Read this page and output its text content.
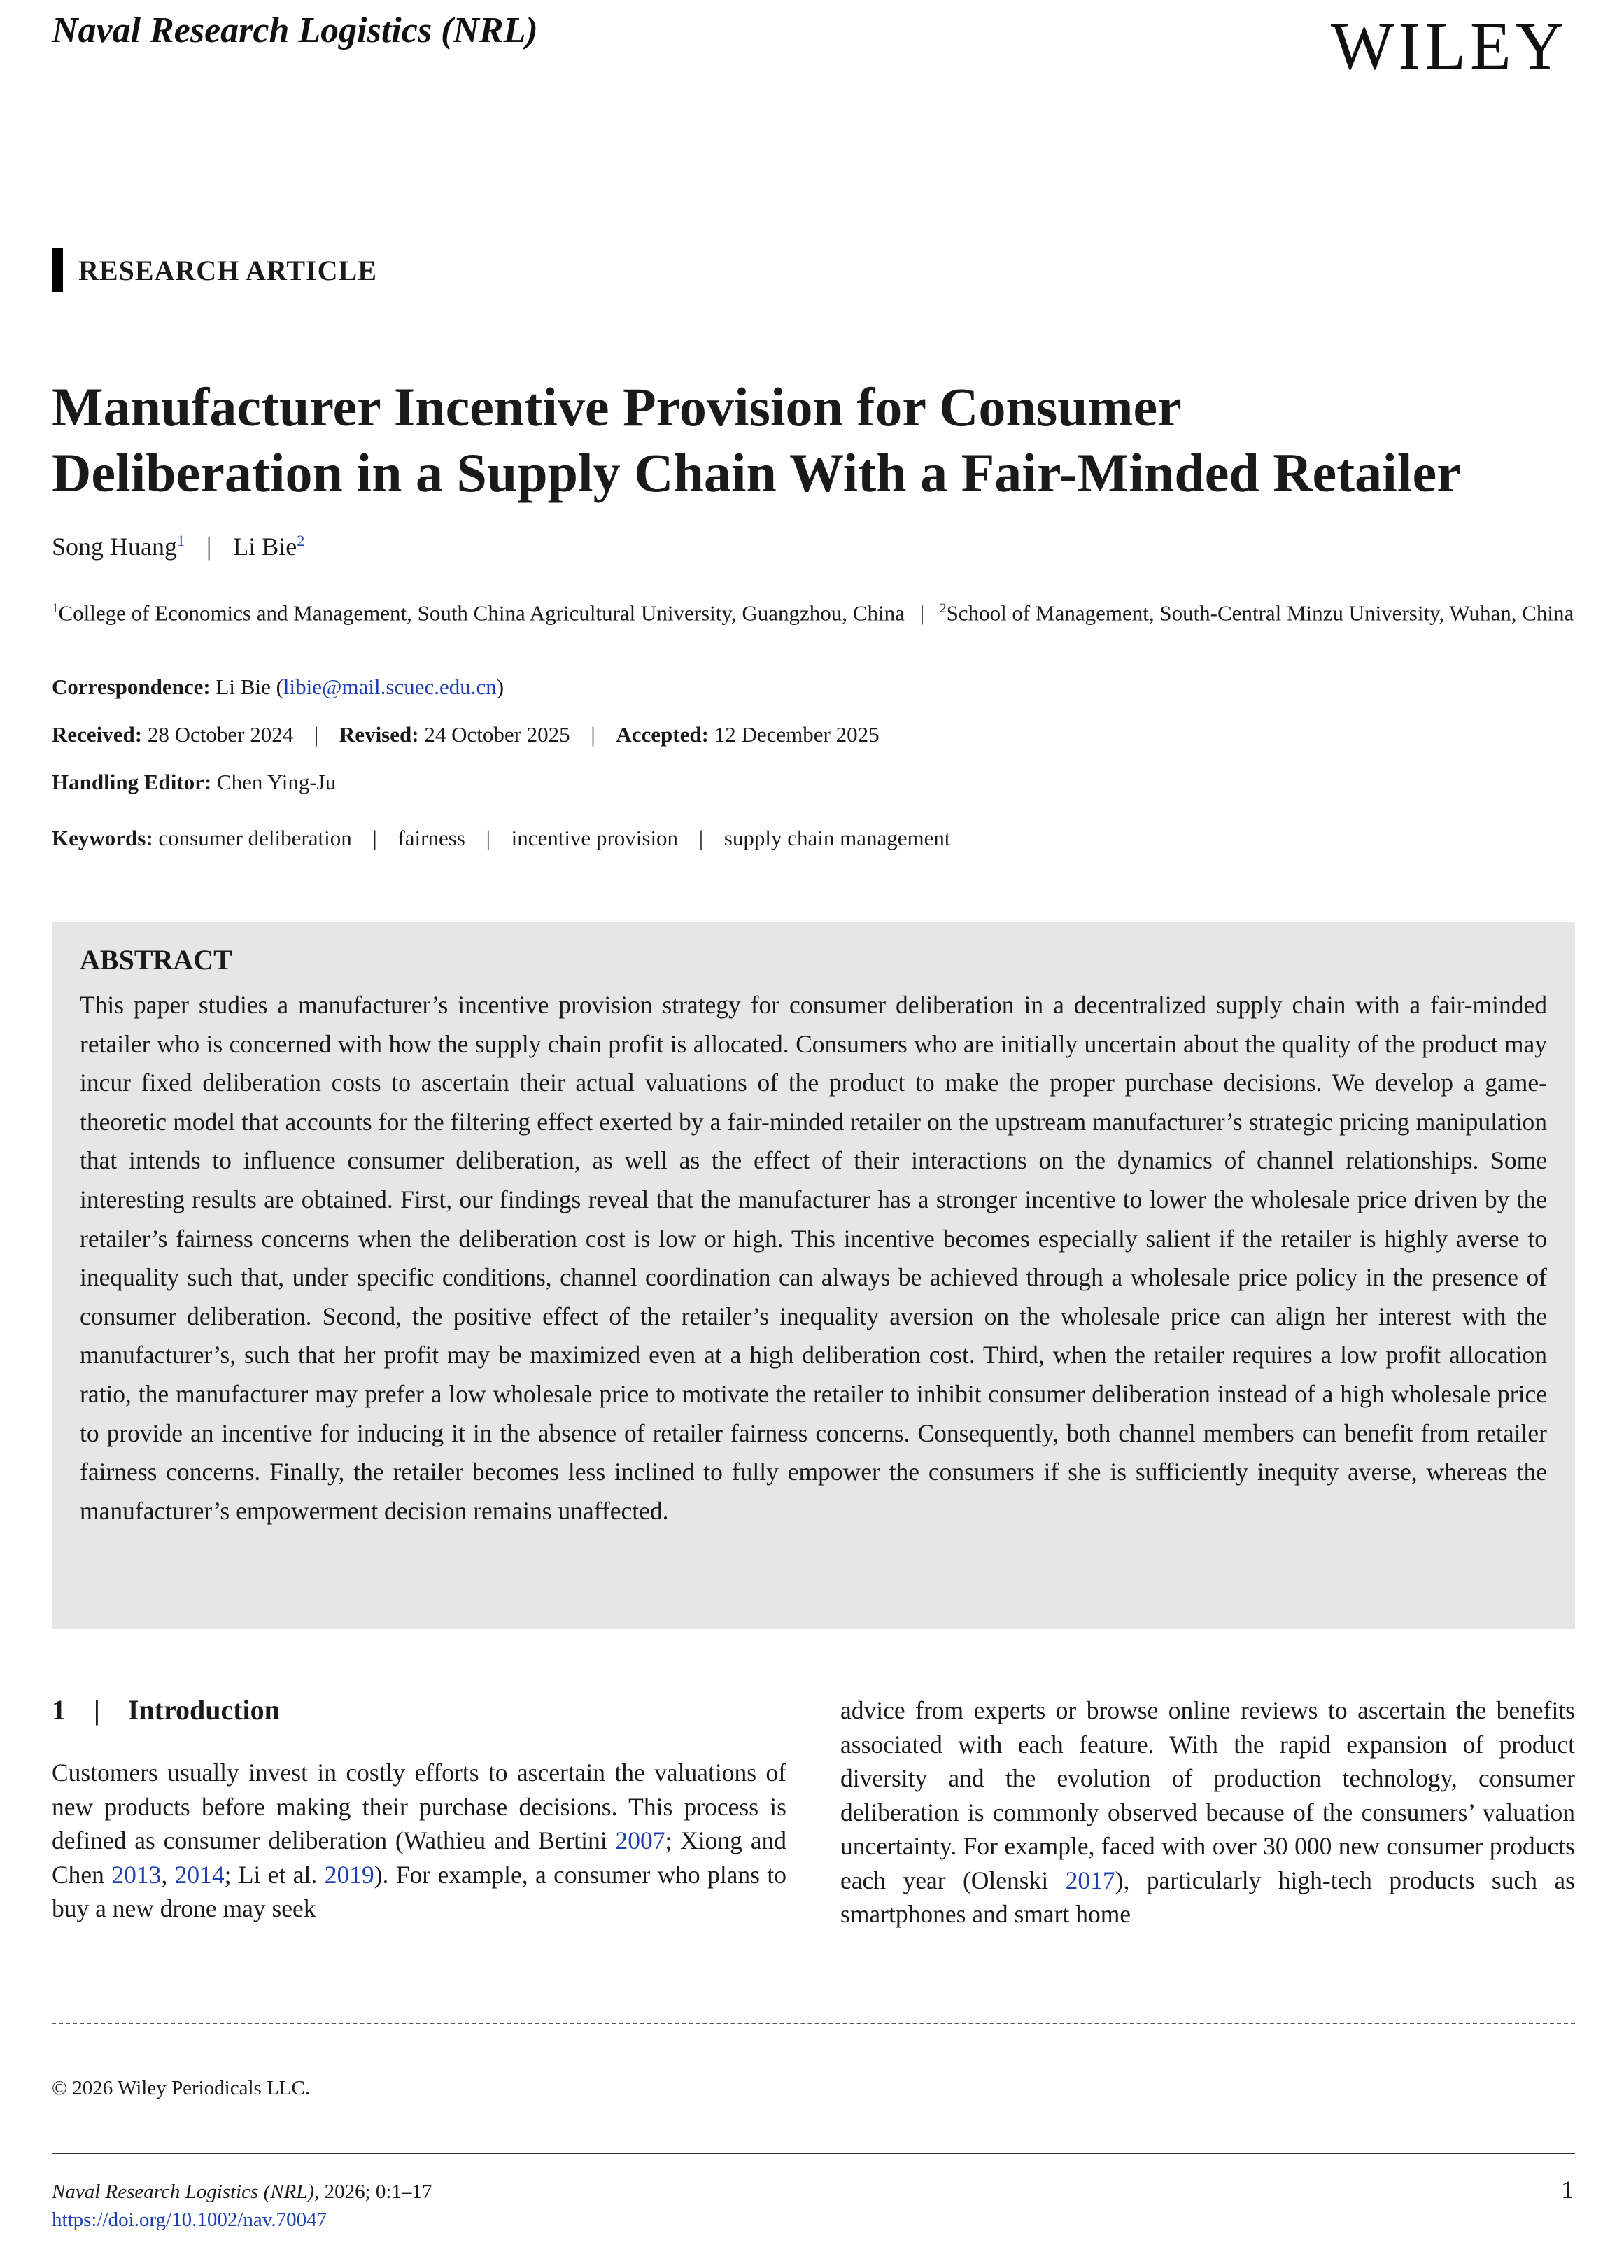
Naval Research Logistics (NRL)	WILEY
RESEARCH ARTICLE
Manufacturer Incentive Provision for Consumer
Deliberation in a Supply Chain With a Fair-Minded Retailer
Song Huang$^1$ | Li Bie$^2$
$^1$College of Economics and Management, South China Agricultural University, Guangzhou, China | $^2$School of Management, South-Central Minzu University, Wuhan, China
Correspondence: Li Bie (libie@mail.scuec.edu.cn)
Received: 28 October 2024 | Revised: 24 October 2025 | Accepted: 12 December 2025
Handling Editor: Chen Ying-Ju
Keywords: consumer deliberation | fairness | incentive provision | supply chain management
ABSTRACT

This paper studies a manufacturer’s incentive provision strategy for consumer deliberation in a decentralized supply chain with a fair-minded retailer who is concerned with how the supply chain profit is allocated. Consumers who are initially uncertain about the quality of the product may incur fixed deliberation costs to ascertain their actual valuations of the product to make the proper purchase decisions. We develop a game-theoretic model that accounts for the filtering effect exerted by a fair-minded retailer on the upstream manufacturer’s strategic pricing manipulation that intends to influence consumer deliberation, as well as the effect of their interactions on the dynamics of channel relationships. Some interesting results are obtained. First, our findings reveal that the manufacturer has a stronger incentive to lower the wholesale price driven by the retailer’s fairness concerns when the deliberation cost is low or high. This incentive becomes especially salient if the retailer is highly averse to inequality such that, under specific conditions, channel coordination can always be achieved through a wholesale price policy in the presence of consumer deliberation. Second, the positive effect of the retailer’s inequality aversion on the wholesale price can align her interest with the manufacturer’s, such that her profit may be maximized even at a high deliberation cost. Third, when the retailer requires a low profit allocation ratio, the manufacturer may prefer a low wholesale price to motivate the retailer to inhibit consumer deliberation instead of a high wholesale price to provide an incentive for inducing it in the absence of retailer fairness concerns. Consequently, both channel members can benefit from retailer fairness concerns. Finally, the retailer becomes less inclined to fully empower the consumers if she is sufficiently inequity averse, whereas the manufacturer’s empowerment decision remains unaffected.

1 | Introduction

Customers usually invest in costly efforts to ascertain the valuations of new products before making their purchase decisions. This process is defined as consumer deliberation (Wathieu and Bertini 2007; Xiong and Chen 2013, 2014; Li et al. 2019). For example, a consumer who plans to buy a new drone may seek

advice from experts or browse online reviews to ascertain the benefits associated with each feature. With the rapid expansion of product diversity and the evolution of production technology, consumer deliberation is commonly observed because of the consumers’ valuation uncertainty. For example, faced with over 30 000 new consumer products each year (Olenski 2017), particularly high-tech products such as smartphones and smart home

© 2026 Wiley Periodicals LLC.
Naval Research Logistics (NRL), 2026; 0:1–17
https://doi.org/10.1002/nav.70047
1
